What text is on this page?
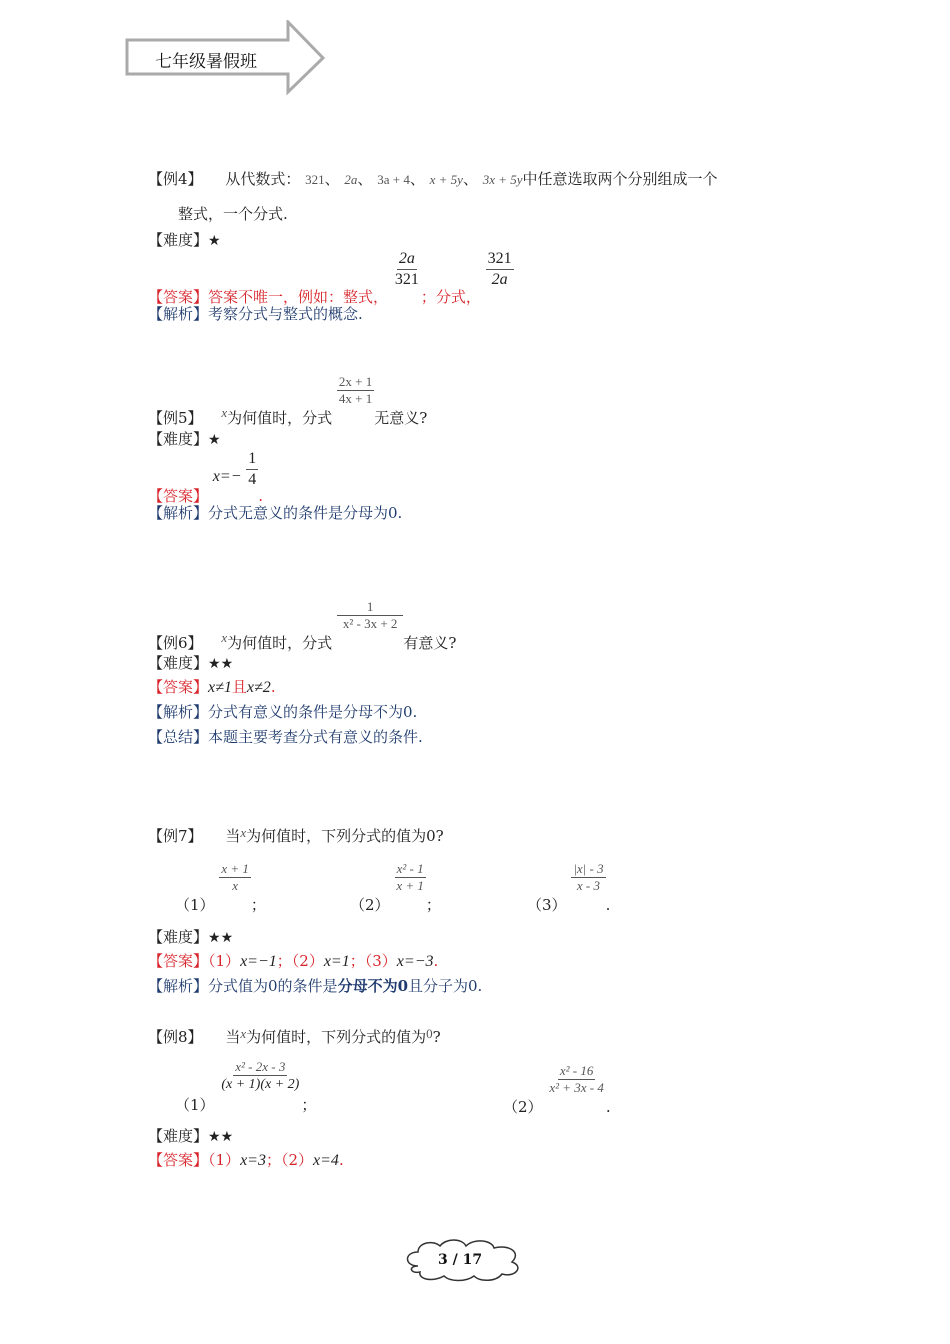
七年级暑假班
【例4】 从代数式： 321、 2a、 3a + 4、 x + 5y、 3x + 5y中任意选取两个分别组成一个
整式，一个分式.
【难度】★
【答案】答案不唯一，例如：整式，
$\frac{2a}{321}$
；分式，
$\frac{321}{2a}$
【解析】考察分式与整式的概念.
【例5】 x为何值时，分式
$\frac{2x + 1}{4x + 1}$
无意义?
【难度】★
【答案】 $x=- \frac{1}{4}$
.
【解析】分式无意义的条件是分母为0.
【例6】 x为何值时，分式
$\frac{1}{\text{x² - 3x + 2}}$
有意义?
【难度】★★
【答案】x≠1且x≠2.
【解析】分式有意义的条件是分母不为0.
【总结】本题主要考查分式有意义的条件.
【例7】 当x为何值时，下列分式的值为0?
（1）
$\frac{x + 1}{x}$
；	（2）
$\frac{\text{x² - 1}}{x + 1}$
；	（3）
$\frac{|x| - 3}{x - 3}$
.
【难度】★★
【答案】（1）x=−1；（2）x=1；（3）x=−3.
【解析】分式值为0的条件是分母不为0且分子为0.
【例8】 当x为何值时，下列分式的值为0?
（1）
$\frac{\text{x² - 2x - 3}}{(x + 1)(x + 2)}$
；	（2）
$\frac{\text{x² - 16}}{\text{x² + 3x - 4}}$
.
【难度】★★
【答案】（1）x=3；（2）x=4.
3 / 17
